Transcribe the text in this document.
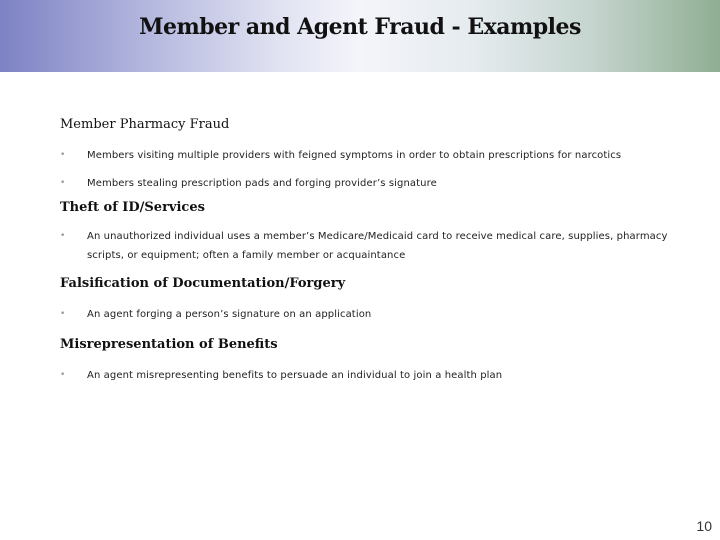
Member and Agent Fraud - Examples
Member Pharmacy Fraud
• Members visiting multiple providers with feigned symptoms in order to obtain prescriptions for narcotics
• Members stealing prescription pads and forging provider’s signature
Theft of ID/Services
• An unauthorized individual uses a member’s Medicare/Medicaid card to receive medical care, supplies, pharmacy scripts, or equipment; often a family member or acquaintance
Falsification of Documentation/Forgery
• An agent forging a person’s signature on an application
Misrepresentation of Benefits
• An agent misrepresenting benefits to persuade an individual to join a health plan
10
